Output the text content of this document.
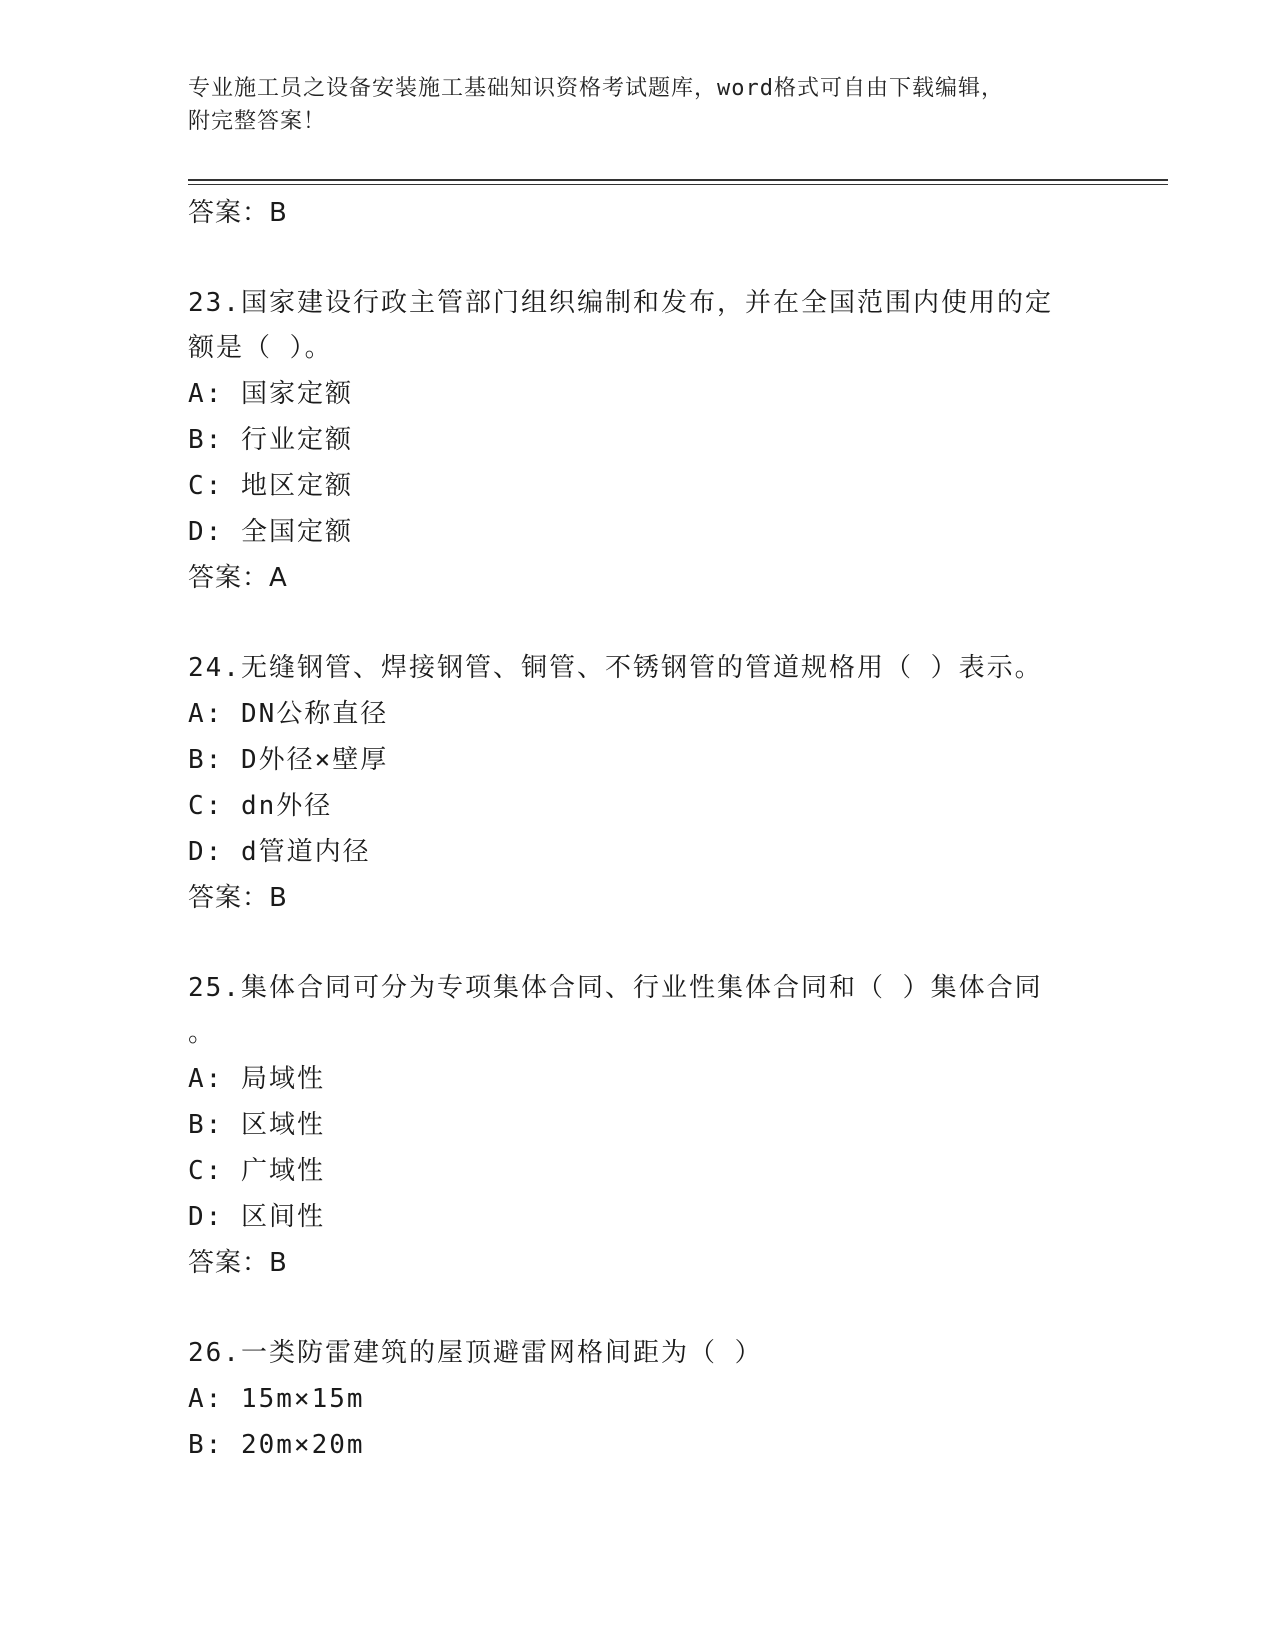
专业施工员之设备安装施工基础知识资格考试题库，word格式可自由下载编辑，
附完整答案！
答案：B
23.国家建设行政主管部门组织编制和发布，并在全国范围内使用的定
额是（ ）。
A: 国家定额
B: 行业定额
C: 地区定额
D: 全国定额
答案：A
24.无缝钢管、焊接钢管、铜管、不锈钢管的管道规格用（ ）表示。
A: DN公称直径
B: D外径×壁厚
C: dn外径
D: d管道内径
答案：B
25.集体合同可分为专项集体合同、行业性集体合同和（ ）集体合同
。
A: 局域性
B: 区域性
C: 广域性
D: 区间性
答案：B
26.一类防雷建筑的屋顶避雷网格间距为（ ）
A: 15m×15m
B: 20m×20m
